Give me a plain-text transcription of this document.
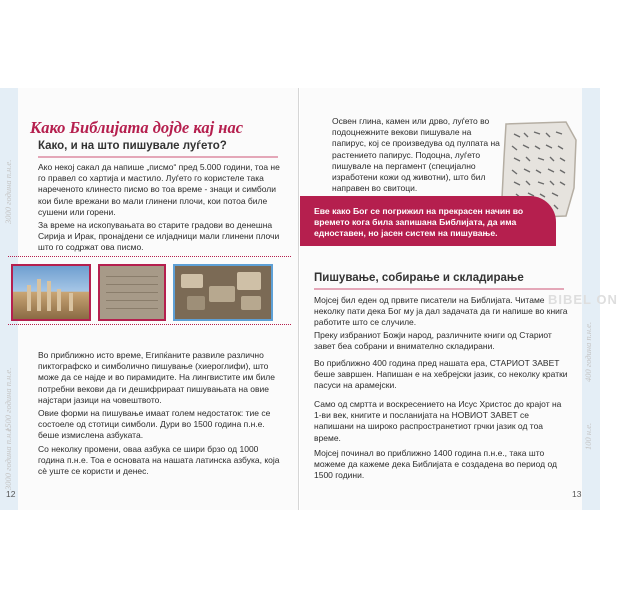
Како Библијата дојде кај нас
Како, и на што пишувале луѓето?

Ако некој сакал да напише „писмо“ пред 5.000 години, тоа не го правел со хартија и мастило. Луѓето го користеле така нареченото клинесто писмо во тоа време - знаци и симболи кои биле врежани во мали глинени плочи, кои потоа биле сушени или горени.

За време на ископувањата во старите градови во денешна Сирија и Ирак, пронајдени се илјадници мали глинени плочи што го содржат ова писмо.

Во приближно исто време, Египќаните развиле различно пиктографско и симболично пишување (хиероглифи), што може да се најде и во пирамидите. На лингвистите им биле потребни векови да ги дешифрираат пишувањата на овие најстари јазици на човештвото.

Овие форми на пишување имаат голем недостаток: тие се состоеле од стотици симболи. Дури во 1500 година п.н.е. беше измислена азбуката.

Со неколку промени, оваа азбука се шири брзо од 1000 година п.н.е. Тоа е основата на нашата латинска азбука, која сè уште се користи и денес.

3000 година п.н.е.
1500 година п.н.е.
3000 година п.н.е.

12

Освен глина, камен или дрво, луѓето во подоцнежните векови пишувале на папирус, кој се произведува од пулпата на растението папирус. Подоцна, луѓето пишувале на пергамент (специјално изработени кожи од животни), што бил направен во свитоци.

Еве како Бог се погрижил на прекрасен начин во времето кога била запишана Библијата, да има едноставен, но јасен систем на пишување.

Пишување, собирање и складирање

BIBEL ON

Мојсеј бил еден од првите писатели на Библијата. Читаме неколку пати дека Бог му ја дал задачата да ги напише во книга работите што се случиле.

Преку избраниот Божји народ, различните книги од Стариот завет беа собрани и внимателно складирани.

Во приближно 400 година пред нашата ера, СТАРИОТ ЗАВЕТ беше завршен. Напишан е на хебрејски јазик, со неколку кратки пасуси на арамејски.

Само од смртта и воскресението на Исус Христос до крајот на 1-ви век, книгите и посланијата на НОВИОТ ЗАВЕТ се напишани на широко распространетиот грчки јазик од тоа време.

Мојсеј починал во приближно 1400 година п.н.е., така што можеме да кажеме дека Библијата е создадена во период од 1500 години.

400 година п.н.е.
100 н.е.

13
